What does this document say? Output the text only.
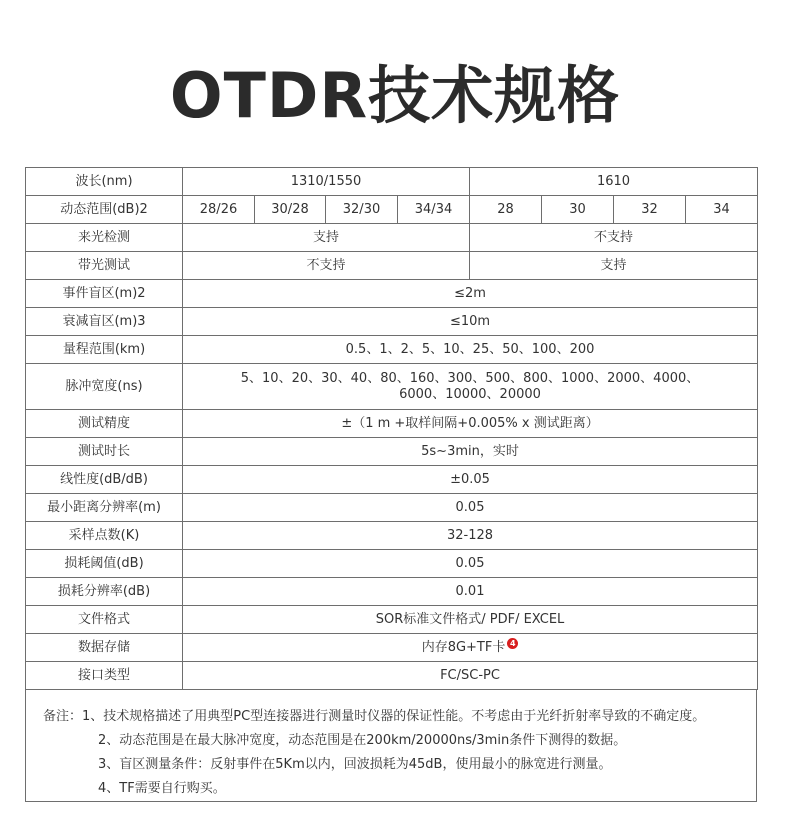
OTDR技术规格
波长(nm)	1310/1550				1610			
动态范围(dB)2	28/26	30/28	32/30	34/34	28	30	32	34
来光检测	支持				不支持			
带光测试	不支持				支持			
事件盲区(m)2	≤2m							
衰减盲区(m)3	≤10m							
量程范围(km)	0.5、1、2、5、10、25、50、100、200							
脉冲宽度(ns)	5、10、20、30、40、80、160、300、500、800、1000、2000、4000、
6000、10000、20000							

测试精度	±（1 m +取样间隔+0.005% x 测试距离）							
测试时长	5s~3min，实时							
线性度(dB/dB)	±0.05							
最小距离分辨率(m)	0.05							
采样点数(K)	32-128							
损耗阈值(dB)	0.05							
损耗分辨率(dB)	0.01							
文件格式	SOR标准文件格式/ PDF/ EXCEL							
数据存储	内存8G+TF卡 4							
接口类型	FC/SC-PC							
备注：1、技术规格描述了用典型PC型连接器进行测量时仪器的保证性能。不考虑由于光纤折射率导致的不确定度。
2、动态范围是在最大脉冲宽度，动态范围是在200km/20000ns/3min条件下测得的数据。
3、盲区测量条件：反射事件在5Km以内，回波损耗为45dB，使用最小的脉宽进行测量。
4、TF需要自行购买。
